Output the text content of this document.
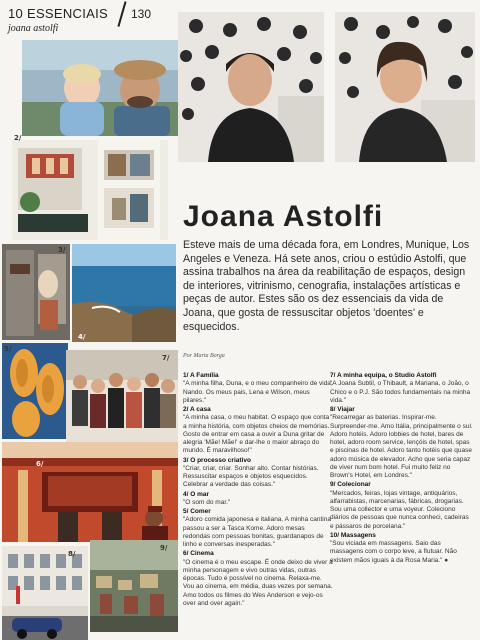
10 ESSENCIAIS 130
joana astolfi
2/
3/
4/
5/
7/
6/
8/
9/
Joana Astolfi

Esteve mais de uma década fora, em Londres, Munique, Los Angeles e Veneza. Há sete anos, criou o estúdio Astolfi, que assina trabalhos na área da reabilitação de espaços, design de interiores, vitrinismo, cenografia, instalações artísticas e peças de autor. Estes são os dez essenciais da vida de Joana, que gosta de ressuscitar objetos 'doentes' e esquecidos.

Por Marta Borga

1/ A Família
"A minha filha, Duna, e o meu companheiro de vida, Nando. Os meus pais, Lena e Wilson, meus pilares."
2/ A casa
"A minha casa, o meu habitat. O espaço que conta a minha história, com objetos cheios de memórias. Gosto de entrar em casa a ouvir a Duna gritar de alegria 'Mãe! Mãe!' e dar-lhe o maior abraço do mundo. É maravilhoso!"
3/ O processo criativo
"Criar, criar, criar. Sonhar alto. Contar histórias. Ressuscitar espaços e objetos esquecidos. Celebrar a verdade das coisas."
4/ O mar
"O som do mar."
5/ Comer
"Adoro comida japonesa e italiana. A minha cantina passou a ser a Tasca Kome. Adoro mesas redondas com pessoas bonitas, guardanapos de linho e conversas inesperadas."
6/ Cinema
"O cinema é o meu escape. É onde deixo de viver a minha personagem e vivo outras vidas, outras épocas. Tudo é possível no cinema. Relaxa-me. Vou ao cinema, em média, duas vezes por semana. Amo todos os filmes do Wes Anderson e vejo-os over and over again."
7/ A minha equipa, o Studio Astolfi
"A Joana Subtil, o Thibault, a Mariana, o João, o Chico e o P.J. São todos fundamentais na minha vida."
8/ Viajar
"Recarregar as baterias. Inspirar-me. Surpreender-me. Amo Itália, principalmente o sul. Adoro hotéis. Adoro lobbies de hotel, bares de hotel, adoro room service, lençóis de hotel, spas e piscinas de hotel. Adoro tanto hotéis que quase adoro música de elevador. Acho que seria capaz de viver num bom hotel. Fui muito feliz no Brown's Hotel, em Londres."
9/ Colecionar
"Mercados, feiras, lojas vintage, antiquários, alfarrabistas, marcenarias, fábricas, drogarias. Sou uma collector e uma voyeur. Coleciono diários de pessoas que nunca conheci, cadeiras e pássaros de porcelana."
10/ Massagens
"Sou viciada em massagens. Saio das massagens com o corpo leve, a flutuar. Não existem mãos iguais à da Rosa Maria." ●
